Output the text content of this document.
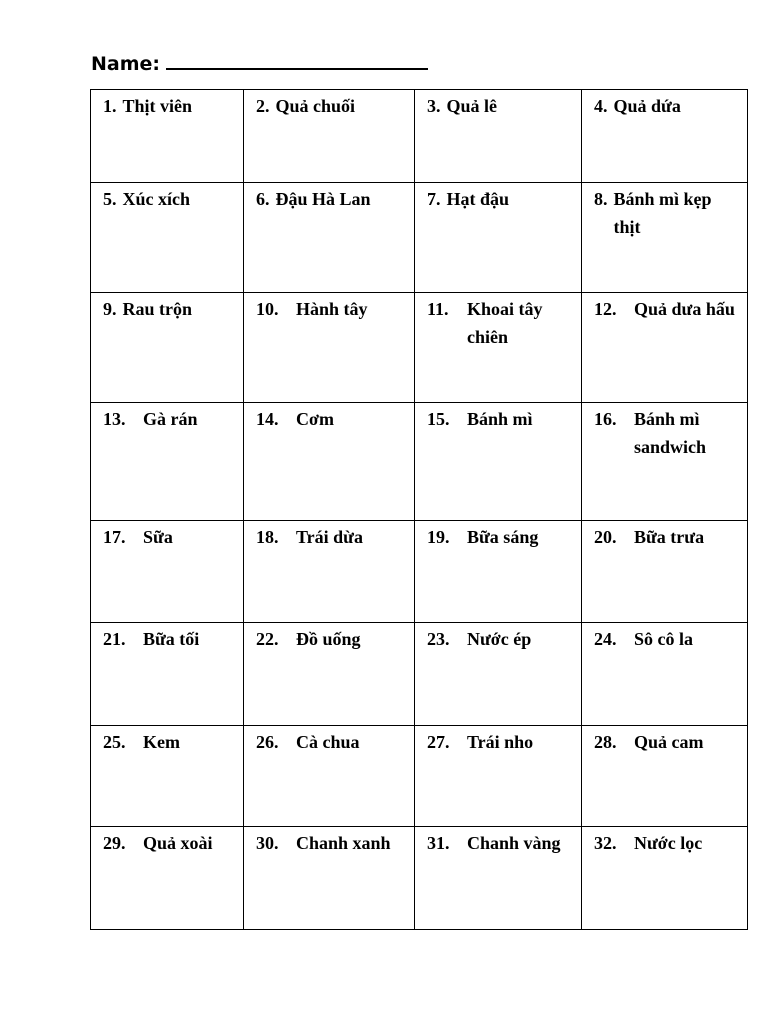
Name:
1. Thịt viên	2. Quả chuối	3. Quả lê	4. Quả dứa

5. Xúc xích	6. Đậu Hà Lan	7. Hạt đậu	8. Bánh mì kẹp thịt

9. Rau trộn	10. Hành tây	11. Khoai tây chiên	12. Quả dưa hấu

13. Gà rán	14. Cơm	15. Bánh mì	16. Bánh mì sandwich

17. Sữa	18. Trái dừa	19. Bữa sáng	20. Bữa trưa

21. Bữa tối	22. Đồ uống	23. Nước ép	24. Sô cô la

25. Kem	26. Cà chua	27. Trái nho	28. Quả cam

29. Quả xoài	30. Chanh xanh	31. Chanh vàng	32. Nước lọc
